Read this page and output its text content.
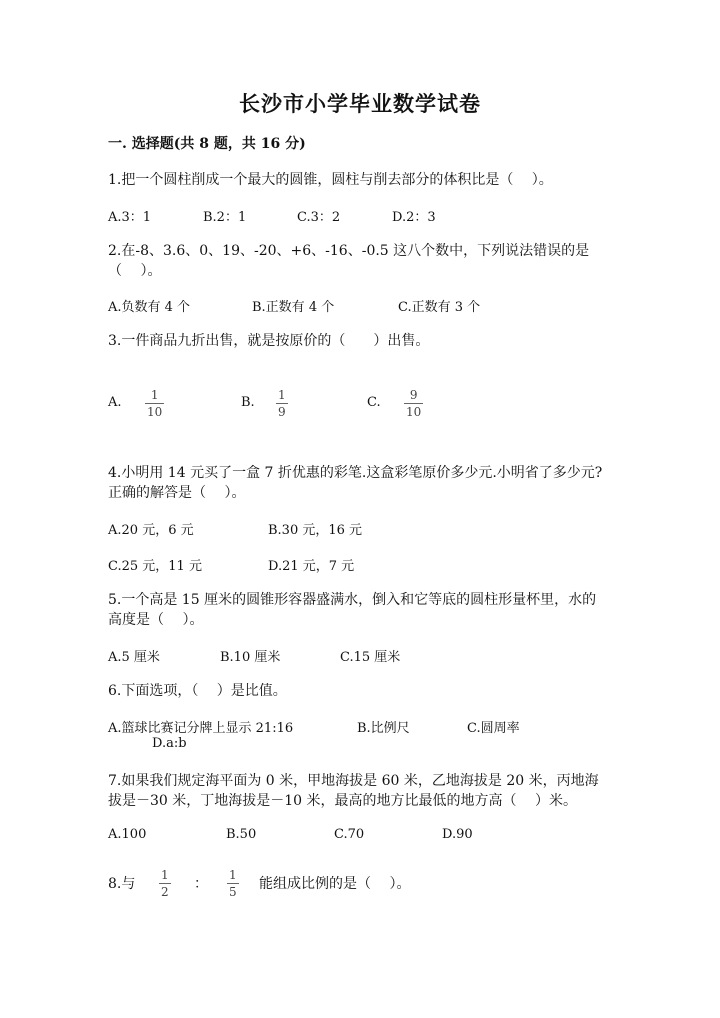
长沙市小学毕业数学试卷
一. 选择题(共 8 题，共 16 分)
1.把一个圆柱削成一个最大的圆锥，圆柱与削去部分的体积比是（　 ）。
A.3：1	B.2：1	C.3：2	D.2：3
2.在-8、3.6、0、19、-20、+6、-16、-0.5 这八个数中，下列说法错误的是
（　 ）。
A.负数有 4 个	B.正数有 4 个	C.正数有 3 个
3.一件商品九折出售，就是按原价的（　　）出售。
A. 1
10
B. 1
9
C. 9
10
4.小明用 14 元买了一盒 7 折优惠的彩笔.这盒彩笔原价多少元.小明省了多少元?
正确的解答是（　 ）。
A.20 元，6 元	B.30 元，16 元
C.25 元，11 元	D.21 元，7 元
5.一个高是 15 厘米的圆锥形容器盛满水，倒入和它等底的圆柱形量杯里，水的
高度是（　 ）。
A.5 厘米	B.10 厘米	C.15 厘米
6.下面选项，（　 ）是比值。
A.篮球比赛记分牌上显示 21:16	B.比例尺	C.圆周率
D.a:b
7.如果我们规定海平面为 0 米，甲地海拔是 60 米，乙地海拔是 20 米，丙地海
拔是－30 米，丁地海拔是－10 米，最高的地方比最低的地方高（　 ）米。
A.100	B.50	C.70	D.90
8.与
1
2 ：
1
5 能组成比例的是（　 ）。
